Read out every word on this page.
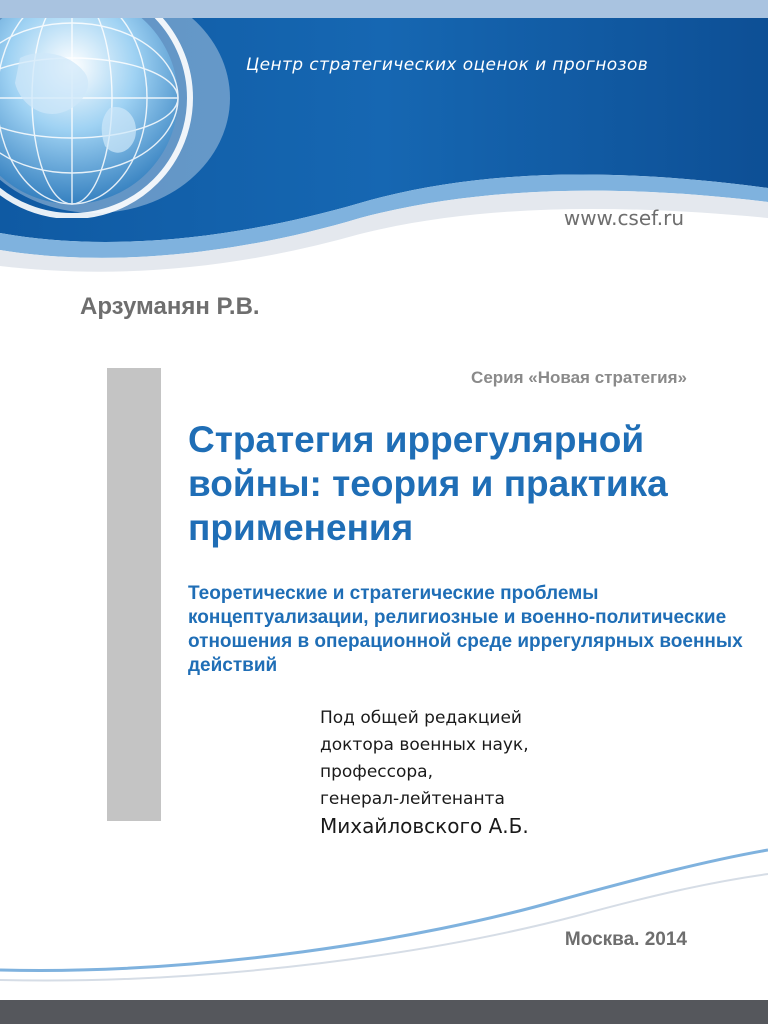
Центр стратегических оценок и прогнозов
www.csef.ru
Арзуманян Р.В.
Серия «Новая стратегия»
Стратегия иррегулярной войны: теория и практика применения
Теоретические и стратегические проблемы концептуализации, религиозные и военно-политические отношения в операционной среде иррегулярных военных действий
Под общей редакцией
доктора военных наук,
профессора,
генерал-лейтенанта
Михайловского А.Б.
Москва. 2014
